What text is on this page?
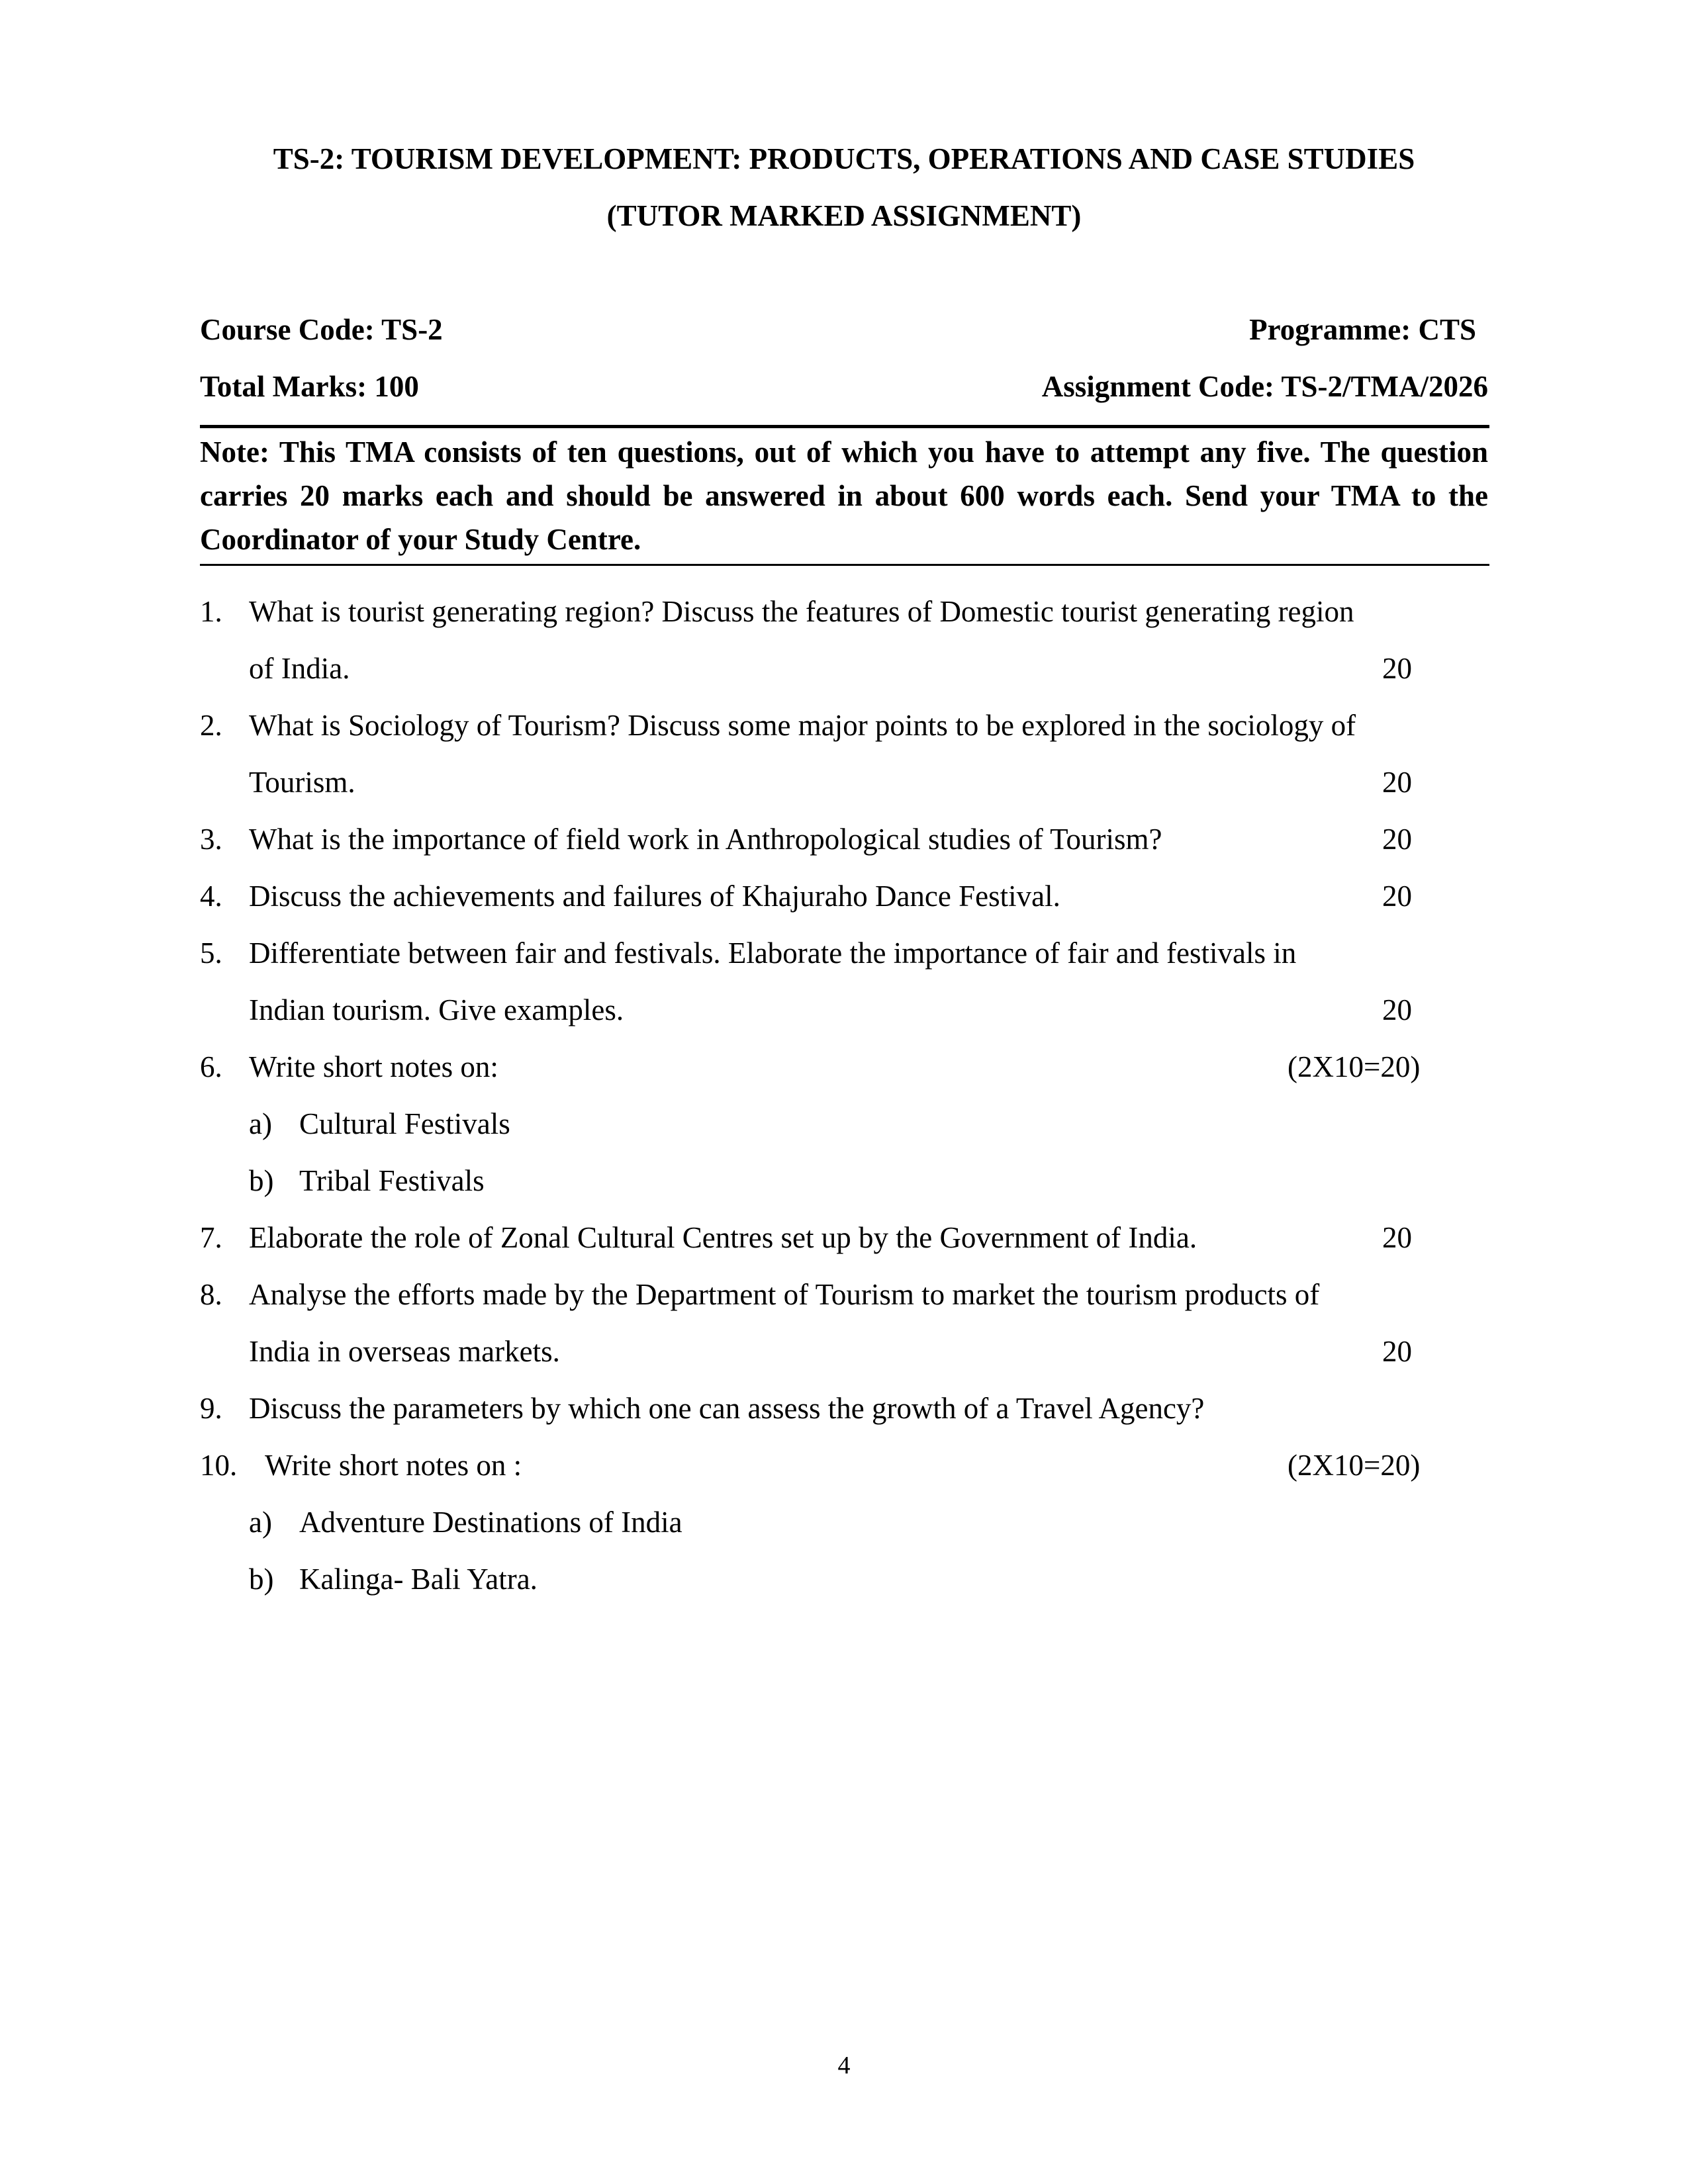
TS-2: TOURISM DEVELOPMENT: PRODUCTS, OPERATIONS AND CASE STUDIES
(TUTOR MARKED ASSIGNMENT)
Course Code: TS-2	Programme: CTS
Total Marks: 100	Assignment Code: TS-2/TMA/2026
Note: This TMA consists of ten questions, out of which you have to attempt any five. The question carries 20 marks each and should be answered in about 600 words each. Send your TMA to the Coordinator of your Study Centre.
1. What is tourist generating region? Discuss the features of Domestic tourist generating region
of India.	20
2. What is Sociology of Tourism? Discuss some major points to be explored in the sociology of
Tourism.	20
3. What is the importance of field work in Anthropological studies of Tourism?	20
4. Discuss the achievements and failures of Khajuraho Dance Festival.	20
5. Differentiate between fair and festivals. Elaborate the importance of fair and festivals in
Indian tourism. Give examples.	20
6. Write short notes on:	(2X10=20)
a) Cultural Festivals
b) Tribal Festivals
7. Elaborate the role of Zonal Cultural Centres set up by the Government of India.	20
8. Analyse the efforts made by the Department of Tourism to market the tourism products of
India in overseas markets.	20
9. Discuss the parameters by which one can assess the growth of a Travel Agency?
10. Write short notes on :	(2X10=20)
a) Adventure Destinations of India
b) Kalinga- Bali Yatra.
4
